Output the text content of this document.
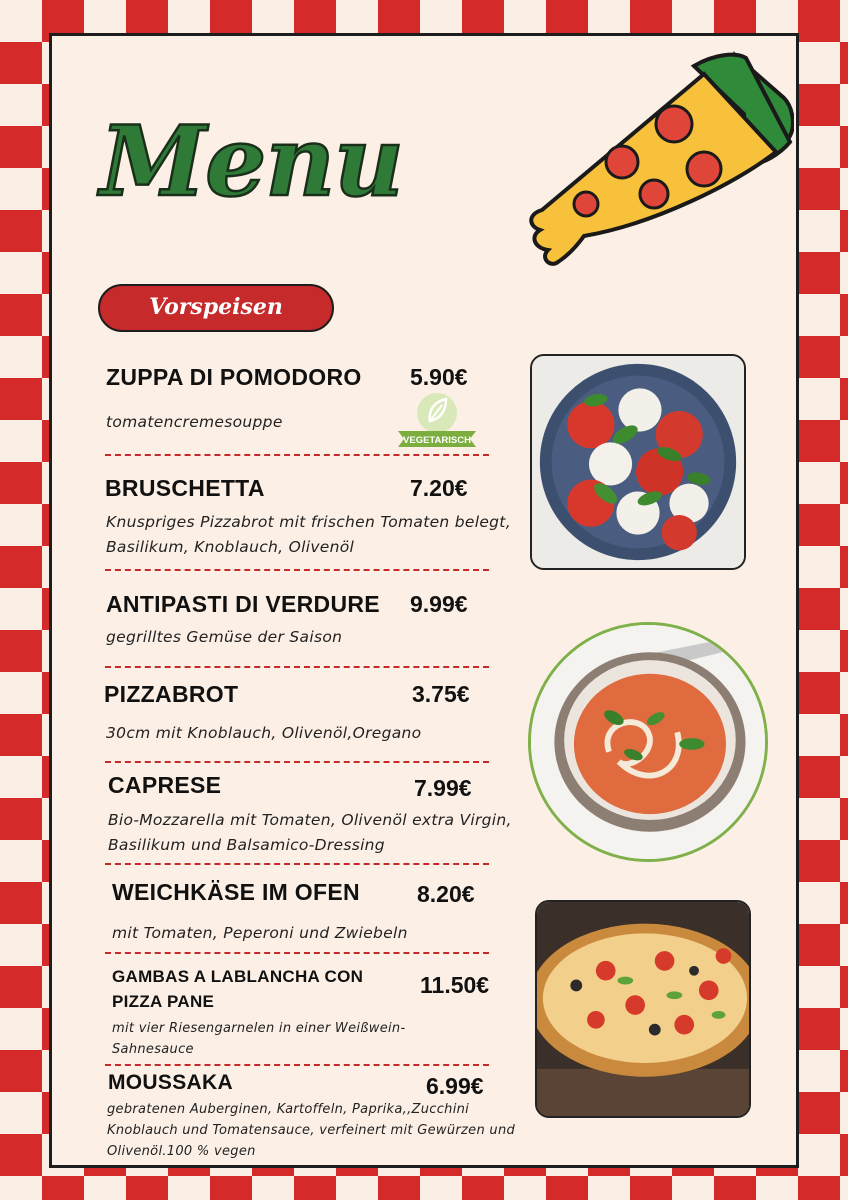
Menu
Vorspeisen
ZUPPA DI POMODORO 5.90€
tomatencremesouppe
VEGETARISCH
BRUSCHETTA	7.20€
Knuspriges Pizzabrot mit frischen Tomaten belegt, Basilikum, Knoblauch, Olivenöl
ANTIPASTI DI VERDURE 9.99€
gegrilltes Gemüse der Saison
PIZZABROT	3.75€
30cm mit Knoblauch, Olivenöl,Oregano
CAPRESE	7.99€
Bio-Mozzarella mit Tomaten, Olivenöl extra Virgin, Basilikum und Balsamico-Dressing
WEICHKÄSE IM OFEN 8.20€
mit Tomaten, Peperoni und Zwiebeln
GAMBAS A LABLANCHA CON PIZZA PANE
11.50€
mit vier Riesengarnelen in einer Weißwein-Sahnesauce
MOUSSAKA	6.99€
gebratenen Auberginen, Kartoffeln, Paprika,,Zucchini Knoblauch und Tomatensauce, verfeinert mit Gewürzen und Olivenöl.100 % vegen
